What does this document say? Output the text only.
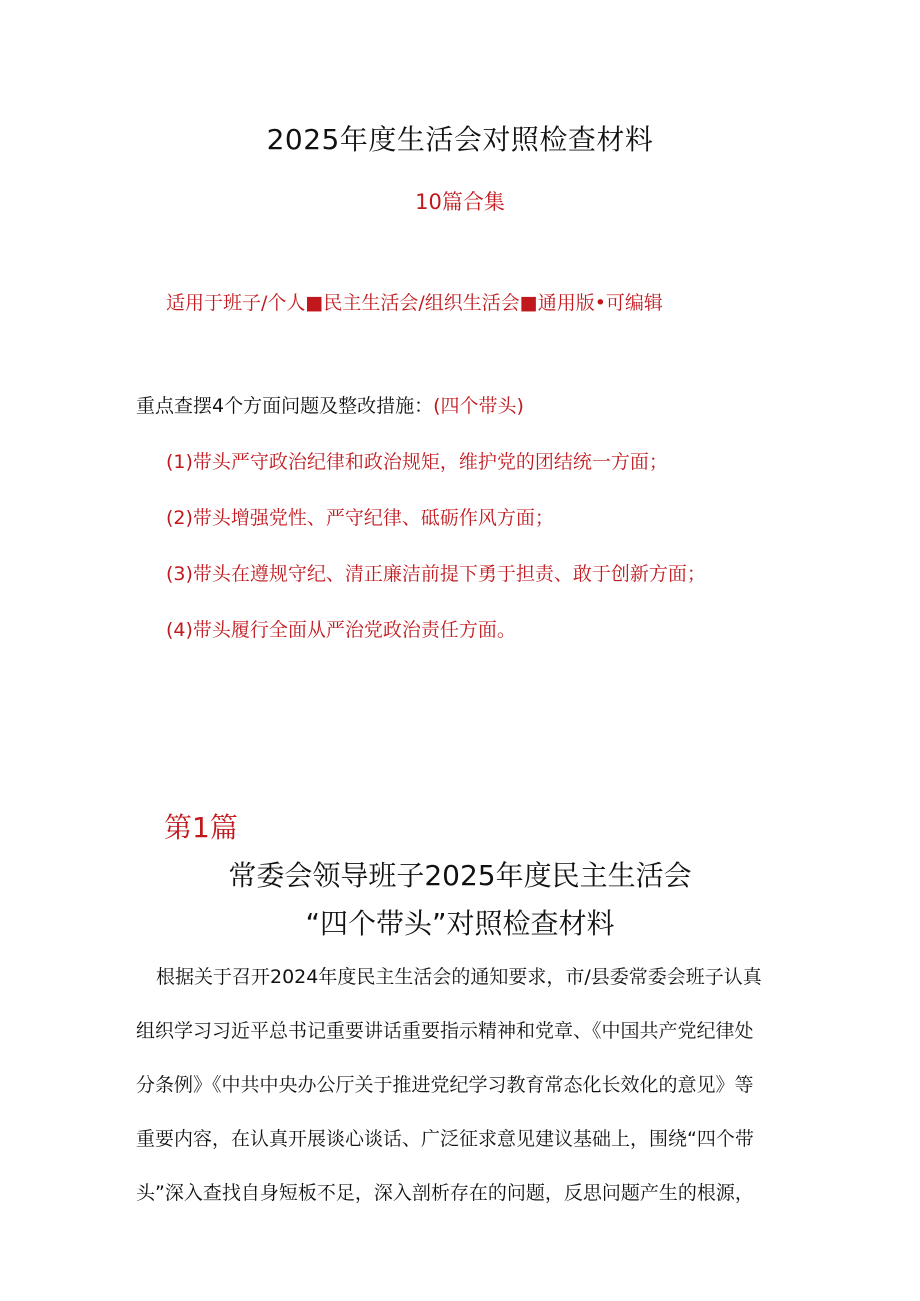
2025年度生活会对照检查材料
10篇合集
适用于班子/个人■民主生活会/组织生活会■通用版•可编辑
重点查摆4个方面问题及整改措施：(四个带头)
(1)带头严守政治纪律和政治规矩，维护党的团结统一方面；
(2)带头增强党性、严守纪律、砥砺作风方面；
(3)带头在遵规守纪、清正廉洁前提下勇于担责、敢于创新方面；
(4)带头履行全面从严治党政治责任方面。
第1篇
常委会领导班子2025年度民主生活会
“四个带头”对照检查材料
根据关于召开2024年度民主生活会的通知要求，市/县委常委会班子认真
组织学习习近平总书记重要讲话重要指示精神和党章、《中国共产党纪律处
分条例》《中共中央办公厅关于推进党纪学习教育常态化长效化的意见》等
重要内容，在认真开展谈心谈话、广泛征求意见建议基础上，围绕“四个带
头”深入查找自身短板不足，深入剖析存在的问题，反思问题产生的根源，
